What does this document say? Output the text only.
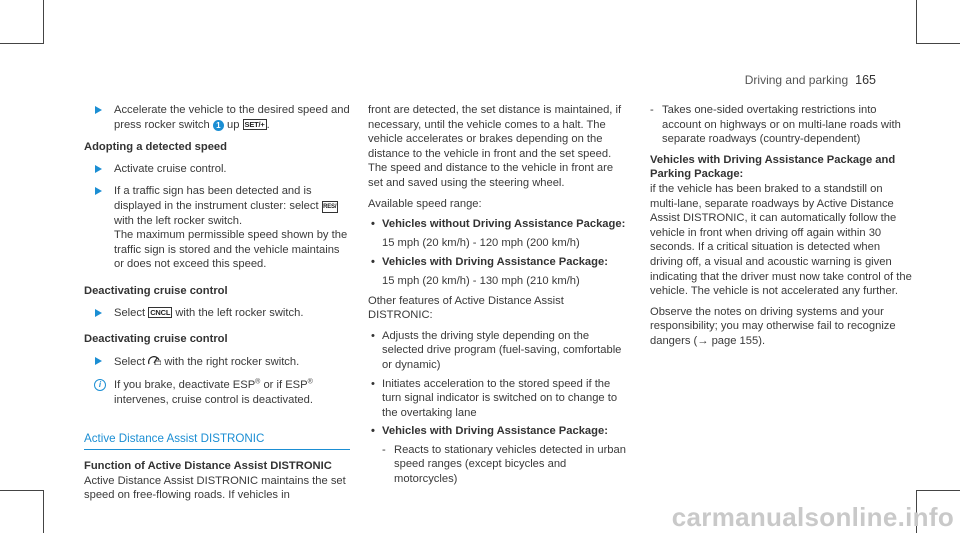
Driving and parking 165
Accelerate the vehicle to the desired speed and press rocker switch 1 up SET/+ .
Adopting a detected speed
Activate cruise control.
If a traffic sign has been detected and is displayed in the instrument cluster: select RES/ with the left rocker switch.
The maximum permissible speed shown by the traffic sign is stored and the vehicle maintains or does not exceed this speed.
Deactivating cruise control
Select CNCL with the left rocker switch.
Deactivating cruise control
Select with the right rocker switch.
i	If you brake, deactivate ESP® or if ESP® intervenes, cruise control is deactivated.
Active Distance Assist DISTRONIC
Function of Active Distance Assist DISTRONIC
Active Distance Assist DISTRONIC maintains the set speed on free-flowing roads. If vehicles in
front are detected, the set distance is maintained, if necessary, until the vehicle comes to a halt. The vehicle accelerates or brakes depending on the distance to the vehicle in front and the set speed. The speed and distance to the vehicle in front are set and saved using the steering wheel.
Available speed range:
• Vehicles without Driving Assistance Package:
15 mph (20 km/h) - 120 mph (200 km/h)
• Vehicles with Driving Assistance Package:
15 mph (20 km/h) - 130 mph (210 km/h)
Other features of Active Distance Assist DISTRONIC:
• Adjusts the driving style depending on the selected drive program (fuel-saving, comfortable or dynamic)
• Initiates acceleration to the stored speed if the turn signal indicator is switched on to change to the overtaking lane
• Vehicles with Driving Assistance Package:
- Reacts to stationary vehicles detected in urban speed ranges (except bicycles and motorcycles)
- Takes one-sided overtaking restrictions into account on highways or on multi-lane roads with separate roadways (country-dependent)
Vehicles with Driving Assistance Package and Parking Package:
if the vehicle has been braked to a standstill on multi-lane, separate roadways by Active Distance Assist DISTRONIC, it can automatically follow the vehicle in front when driving off again within 30 seconds. If a critical situation is detected when driving off, a visual and acoustic warning is given indicating that the driver must now take control of the vehicle. The vehicle is not accelerated any further.
Observe the notes on driving systems and your responsibility; you may otherwise fail to recognize dangers (→ page 155).
carmanualsonline.info
